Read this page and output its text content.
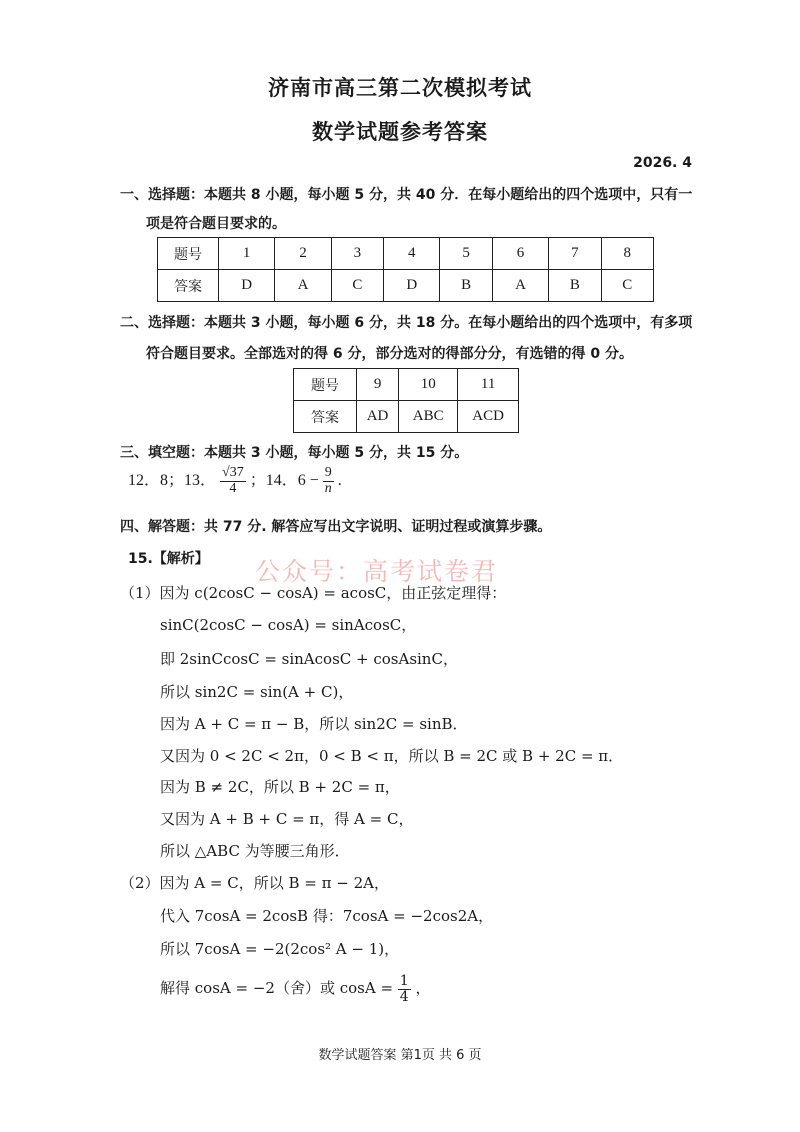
济南市高三第二次模拟考试
数学试题参考答案
2026. 4
一、选择题：本题共 8 小题，每小题 5 分，共 40 分．在每小题给出的四个选项中，只有一
项是符合题目要求的。
题号	1	2	3	4	5	6	7	8
答案	D	A	C	D	B	A	B	C
二、选择题：本题共 3 小题，每小题 6 分，共 18 分。在每小题给出的四个选项中，有多项
符合题目要求。全部选对的得 6 分，部分选对的得部分分，有选错的得 0 分。
题号	9	10	11
答案	AD	ABC	ACD
三、填空题：本题共 3 小题，每小题 5 分，共 15 分。
12．8；13． $\frac{√37}{4}$ ；14．$6 - \frac{9}{n}$ .
四、解答题：共 77 分. 解答应写出文字说明、证明过程或演算步骤。
15.【解析】 公众号：高考试卷君
（1）因为 c(2cosC − cosA) = acosC，由正弦定理得：
sinC(2cosC − cosA) = sinAcosC，
即 2sinCcosC = sinAcosC + cosAsinC，
所以 sin2C = sin(A + C)，
因为 A + C = π − B，所以 sin2C = sinB．
又因为 0 < 2C < 2π，0 < B < π，所以 B = 2C 或 B + 2C = π．
因为 B ≠ 2C，所以 B + 2C = π，
又因为 A + B + C = π，得 A = C，
所以 △ABC 为等腰三角形．
（2）因为 A = C，所以 B = π − 2A，
代入 7cosA = 2cosB 得：7cosA = −2cos2A，
所以 7cosA = −2(2cos² A − 1)，
解得 cosA = −2（舍）或 $\cos A = \frac{1}{4}$ ，
数学试题答案 第1页 共 6 页
